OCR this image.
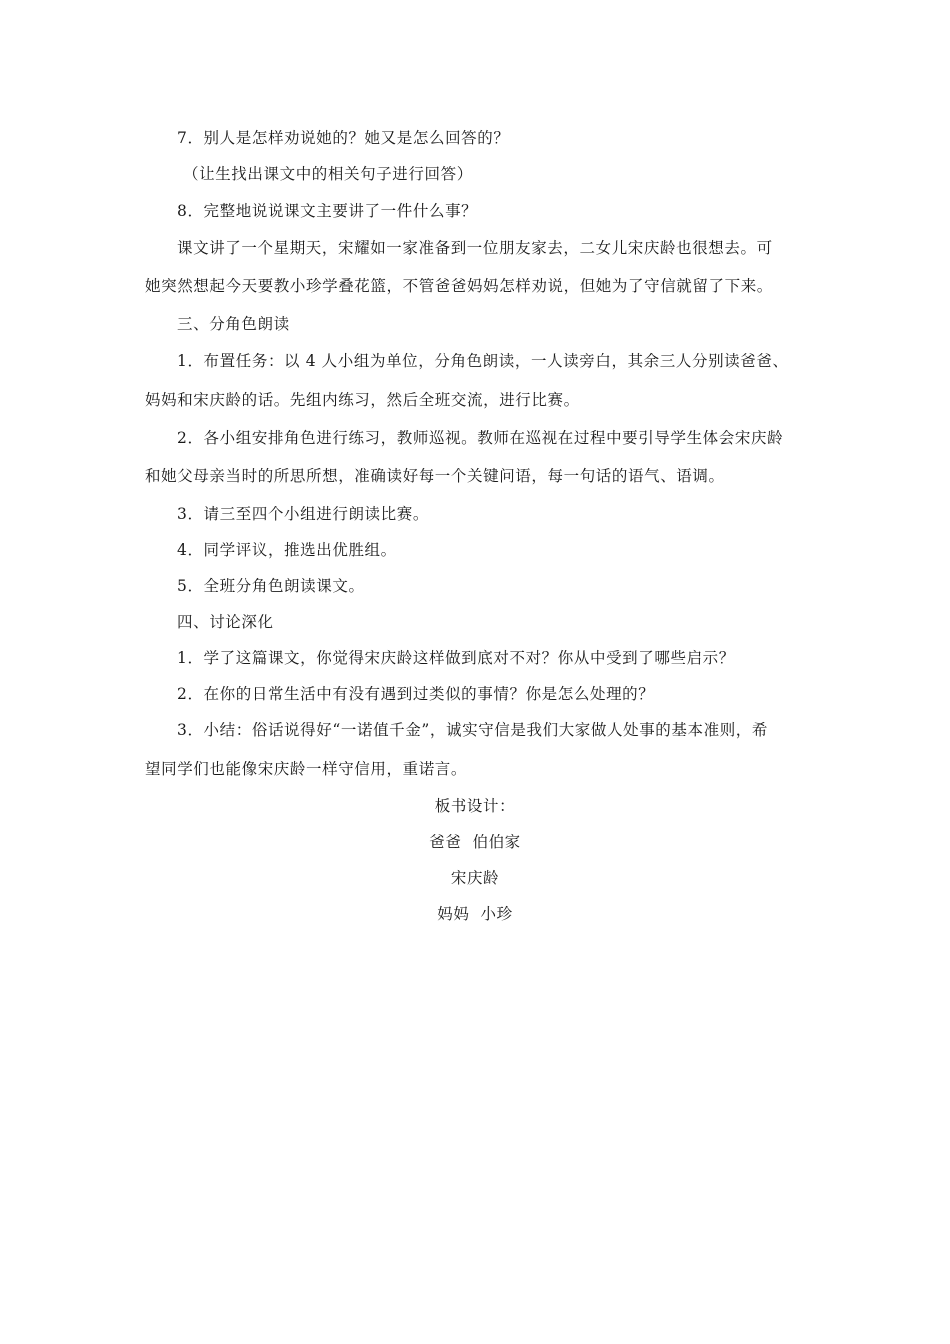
7．别人是怎样劝说她的？她又是怎么回答的？
（让生找出课文中的相关句子进行回答）
8．完整地说说课文主要讲了一件什么事？
课文讲了一个星期天，宋耀如一家准备到一位朋友家去，二女儿宋庆龄也很想去。可
她突然想起今天要教小珍学叠花篮，不管爸爸妈妈怎样劝说，但她为了守信就留了下来。
三、分角色朗读
1．布置任务：以 4 人小组为单位，分角色朗读，一人读旁白，其余三人分别读爸爸、
妈妈和宋庆龄的话。先组内练习，然后全班交流，进行比赛。
2．各小组安排角色进行练习，教师巡视。教师在巡视在过程中要引导学生体会宋庆龄
和她父母亲当时的所思所想，准确读好每一个关键问语，每一句话的语气、语调。
3．请三至四个小组进行朗读比赛。
4．同学评议，推选出优胜组。
5．全班分角色朗读课文。
四、讨论深化
1．学了这篇课文，你觉得宋庆龄这样做到底对不对？你从中受到了哪些启示？
2．在你的日常生活中有没有遇到过类似的事情？你是怎么处理的？
3．小结：俗话说得好“一诺值千金”，诚实守信是我们大家做人处事的基本准则，希
望同学们也能像宋庆龄一样守信用，重诺言。
板书设计：
爸爸  伯伯家
宋庆龄
妈妈  小珍
